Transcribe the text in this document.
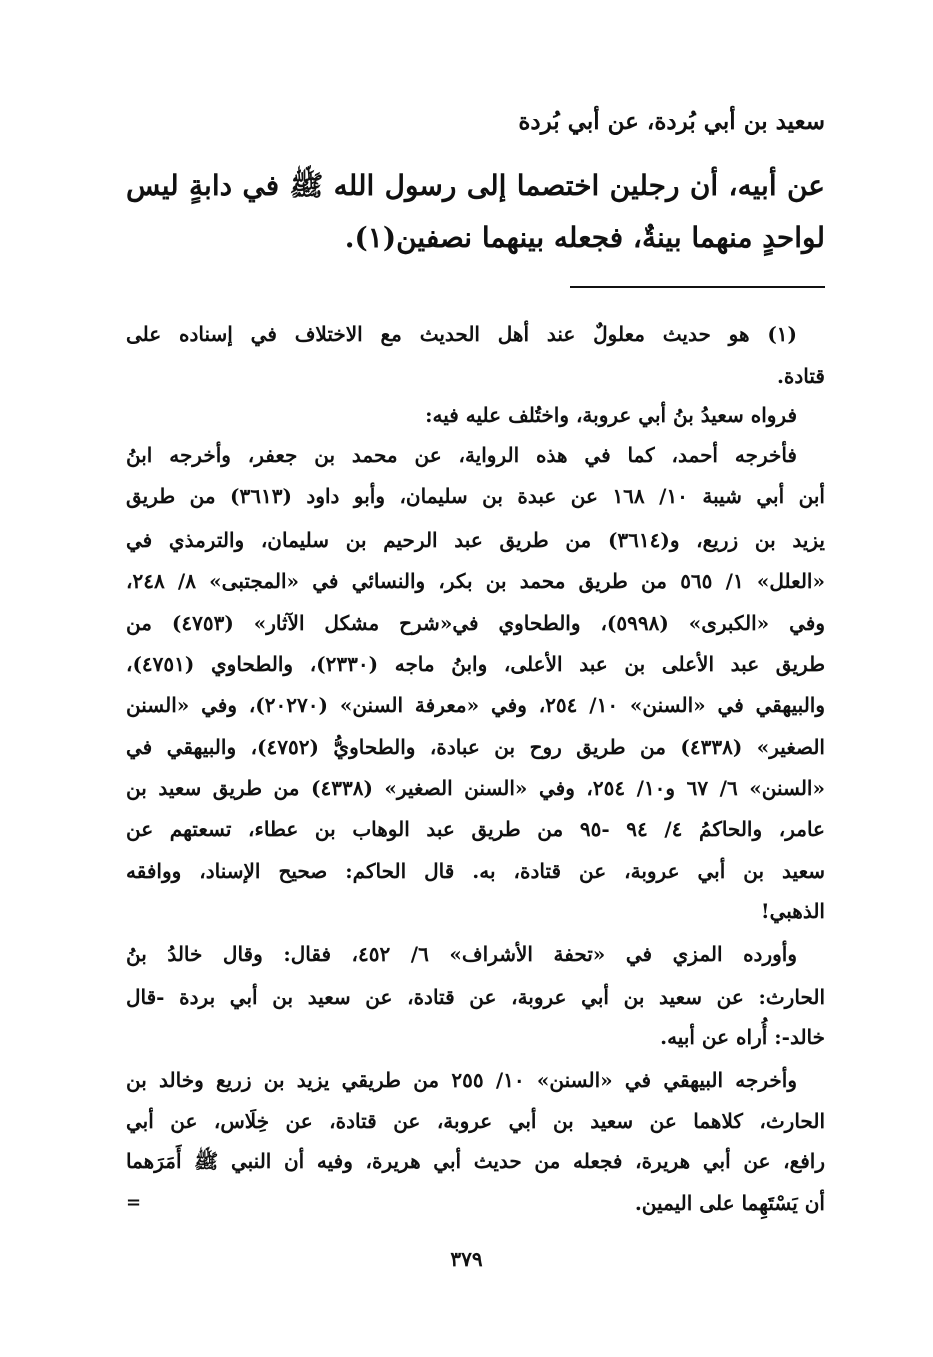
سعيد بن أبي بُردة، عن أبي بُردة
عن أبيه، أن رجلين اختصما إلى رسول الله ﷺ في دابةٍ ليس
لواحدٍ منهما بينةٌ، فجعله بينهما نصفين(١).
(١) هو حديث معلولٌ عند أهل الحديث مع الاختلاف في إسناده على
قتادة.
فرواه سعيدُ بنُ أبي عروبة، واختُلف عليه فيه:
فأخرجه أحمد، كما في هذه الرواية، عن محمد بن جعفر، وأخرجه ابنُ
أبن أبي شيبة ١٠/ ١٦٨ عن عبدة بن سليمان، وأبو داود (٣٦١٣) من طريق
يزيد بن زريع، و(٣٦١٤) من طريق عبد الرحيم بن سليمان، والترمذي في
«العلل» ١/ ٥٦٥ من طريق محمد بن بكر، والنسائي في «المجتبى» ٨/ ٢٤٨،
وفي «الكبرى» (٥٩٩٨)، والطحاوي في«شرح مشكل الآثار» (٤٧٥٣) من
طريق عبد الأعلى بن عبد الأعلى، وابنُ ماجه (٢٣٣٠)، والطحاوي (٤٧٥١)،
والبيهقي في «السنن» ١٠/ ٢٥٤، وفي «معرفة السنن» (٢٠٢٧٠)، وفي «السنن
الصغير» (٤٣٣٨) من طريق روح بن عبادة، والطحاويُّ (٤٧٥٢)، والبيهقي في
«السنن» ٦/ ٦٧ و١٠/ ٢٥٤، وفي «السنن الصغير» (٤٣٣٨) من طريق سعيد بن
عامر، والحاكمُ ٤/ ٩٤ -٩٥ من طريق عبد الوهاب بن عطاء، تسعتهم عن
سعيد بن أبي عروبة، عن قتادة، به. قال الحاكم: صحيح الإسناد، ووافقه
الذهبي!
وأورده المزي في «تحفة الأشراف» ٦/ ٤٥٢، فقال: وقال خالدُ بنُ
الحارث: عن سعيد بن أبي عروبة، عن قتادة، عن سعيد بن أبي بردة -قال
خالد-: أُراه عن أبيه.
وأخرجه البيهقي في «السنن» ١٠/ ٢٥٥ من طريقي يزيد بن زريع وخالد بن
الحارث، كلاهما عن سعيد بن أبي عروبة، عن قتادة، عن خِلَاس، عن أبي
رافع، عن أبي هريرة، فجعله من حديث أبي هريرة، وفيه أن النبي ﷺ أَمَرَهما
أن يَسْتَهِما على اليمين.
=
٣٧٩
